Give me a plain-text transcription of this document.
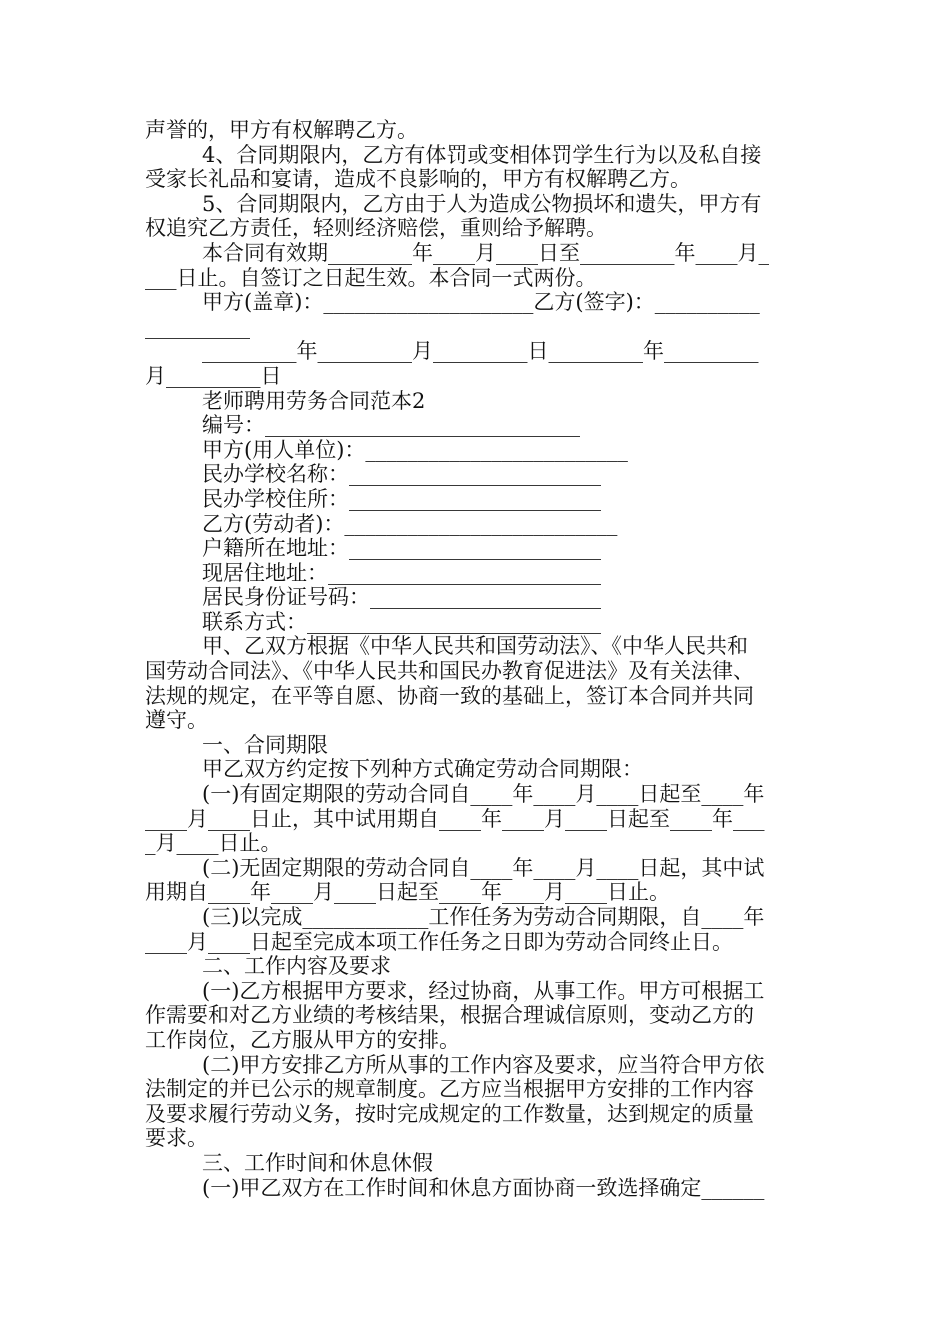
声誉的，甲方有权解聘乙方。
4、合同期限内，乙方有体罚或变相体罚学生行为以及私自接
受家长礼品和宴请，造成不良影响的，甲方有权解聘乙方。
5、合同期限内，乙方由于人为造成公物损坏和遗失，甲方有
权追究乙方责任，轻则经济赔偿，重则给予解聘。
本合同有效期________年____月____日至_________年____月_
___日止。自签订之日起生效。本合同一式两份。
甲方(盖章)：____________________乙方(签字)：__________
__________
_________年_________月_________日_________年_________
月_________日
老师聘用劳务合同范本2
编号：______________________________
甲方(用人单位)：_________________________
民办学校名称：________________________
民办学校住所：________________________
乙方(劳动者)：__________________________
户籍所在地址：________________________
现居住地址：__________________________
居民身份证号码：______________________
联系方式：____________________________
甲、乙双方根据《中华人民共和国劳动法》、《中华人民共和
国劳动合同法》、《中华人民共和国民办教育促进法》及有关法律、
法规的规定，在平等自愿、协商一致的基础上，签订本合同并共同
遵守。
一、合同期限
甲乙双方约定按下列种方式确定劳动合同期限：
(一)有固定期限的劳动合同自____年____月____日起至____年
____月____日止，其中试用期自____年____月____日起至____年___
_月____日止。
(二)无固定期限的劳动合同自____年____月____日起，其中试
用期自____年____月____日起至____年____月____日止。
(三)以完成____________工作任务为劳动合同期限，自____年
____月____日起至完成本项工作任务之日即为劳动合同终止日。
二、工作内容及要求
(一)乙方根据甲方要求，经过协商，从事工作。甲方可根据工
作需要和对乙方业绩的考核结果，根据合理诚信原则，变动乙方的
工作岗位，乙方服从甲方的安排。
(二)甲方安排乙方所从事的工作内容及要求，应当符合甲方依
法制定的并已公示的规章制度。乙方应当根据甲方安排的工作内容
及要求履行劳动义务，按时完成规定的工作数量，达到规定的质量
要求。
三、工作时间和休息休假
(一)甲乙双方在工作时间和休息方面协商一致选择确定______
